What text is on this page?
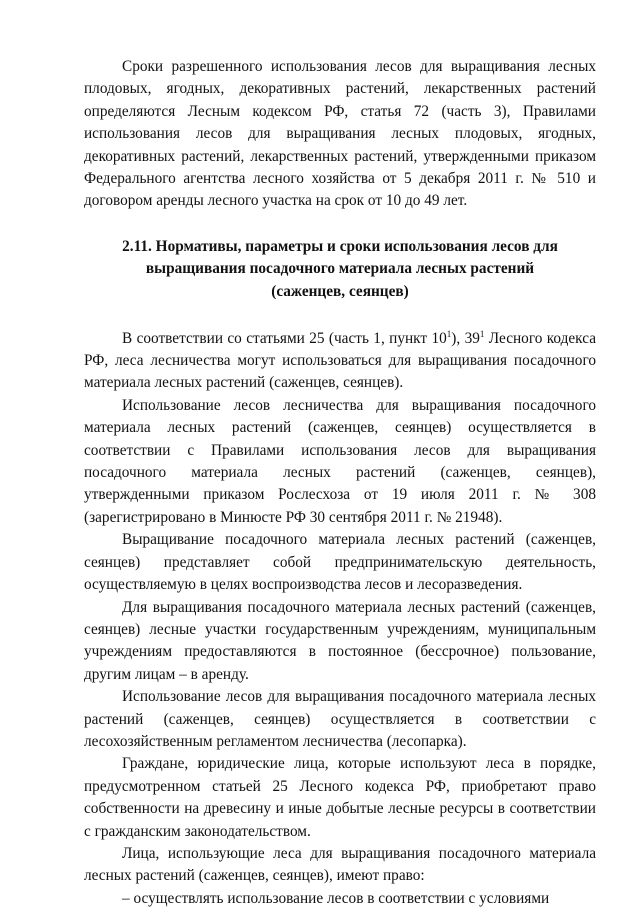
Сроки разрешенного использования лесов для выращивания лесных плодовых, ягодных, декоративных растений, лекарственных растений определяются Лесным кодексом РФ, статья 72 (часть 3), Правилами использования лесов для выращивания лесных плодовых, ягодных, декоративных растений, лекарственных растений, утвержденными приказом Федерального агентства лесного хозяйства от 5 декабря 2011 г. № 510 и договором аренды лесного участка на срок от 10 до 49 лет.

2.11. Нормативы, параметры и сроки использования лесов для
выращивания посадочного материала лесных растений
(саженцев, сеянцев)

В соответствии со статьями 25 (часть 1, пункт $10^1$), $39^1$ Лесного кодекса РФ, леса лесничества могут использоваться для выращивания посадочного материала лесных растений (саженцев, сеянцев).

Использование лесов лесничества для выращивания посадочного материала лесных растений (саженцев, сеянцев) осуществляется в соответствии с Правилами использования лесов для выращивания посадочного материала лесных растений (саженцев, сеянцев), утвержденными приказом Рослесхоза от 19 июля 2011 г. № 308 (зарегистрировано в Минюсте РФ 30 сентября 2011 г. № 21948).

Выращивание посадочного материала лесных растений (саженцев, сеянцев) представляет собой предпринимательскую деятельность, осуществляемую в целях воспроизводства лесов и лесоразведения.

Для выращивания посадочного материала лесных растений (саженцев, сеянцев) лесные участки государственным учреждениям, муниципальным учреждениям предоставляются в постоянное (бессрочное) пользование, другим лицам – в аренду.

Использование лесов для выращивания посадочного материала лесных растений (саженцев, сеянцев) осуществляется в соответствии с лесохозяйственным регламентом лесничества (лесопарка).

Граждане, юридические лица, которые используют леса в порядке, предусмотренном статьей 25 Лесного кодекса РФ, приобретают право собственности на древесину и иные добытые лесные ресурсы в соответствии с гражданским законодательством.

Лица, использующие леса для выращивания посадочного материала лесных растений (саженцев, сеянцев), имеют право:

– осуществлять использование лесов в соответствии с условиями
